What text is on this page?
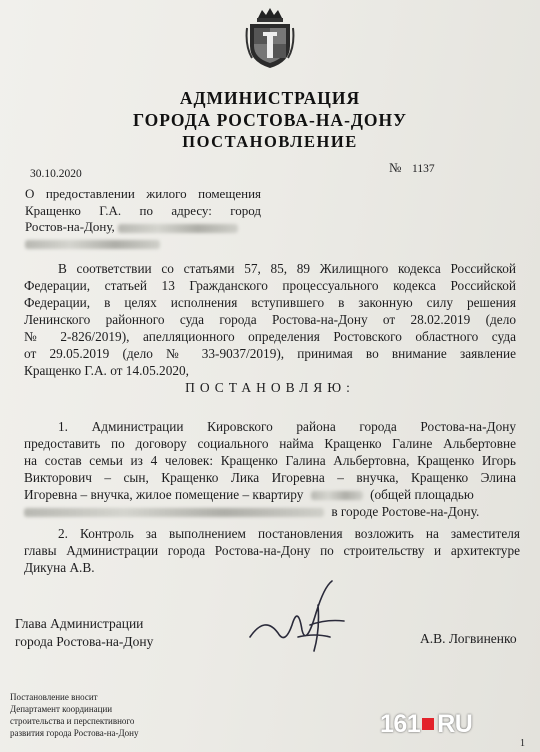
АДМИНИСТРАЦИЯ
ГОРОДА РОСТОВА-НА-ДОНУ
ПОСТАНОВЛЕНИЕ
30.10.2020	№ 1137
О предоставлении жилого помещения
Кращенко Г.А. по адресу: город
Ростов-на-Дону,
В соответствии со статьями 57, 85, 89 Жилищного кодекса Российской
Федерации, статьей 13 Гражданского процессуального кодекса Российской
Федерации, в целях исполнения вступившего в законную силу решения
Ленинского районного суда города Ростова-на-Дону от 28.02.2019 (дело
№ 2-826/2019), апелляционного определения Ростовского областного суда
от 29.05.2019 (дело № 33-9037/2019), принимая во внимание заявление
Кращенко Г.А. от 14.05.2020,
ПОСТАНОВЛЯЮ:
1. Администрации Кировского района города Ростова-на-Дону
предоставить по договору социального найма Кращенко Галине Альбертовне
на состав семьи из 4 человек: Кращенко Галина Альбертовна, Кращенко Игорь
Викторович – сын, Кращенко Лика Игоревна – внучка, Кращенко Элина
Игоревна – внучка, жилое помещение – квартиру	(общей площадью
в городе Ростове-на-Дону.
2. Контроль за выполнением постановления возложить на заместителя
главы Администрации города Ростова-на-Дону по строительству и архитектуре
Дикуна А.В.
Глава Администрации
города Ростова-на-Дону	А.В. Логвиненко
Постановление вносит
Департамент координации
строительства и перспективного
развития города Ростова-на-Дону	161 RU
1
